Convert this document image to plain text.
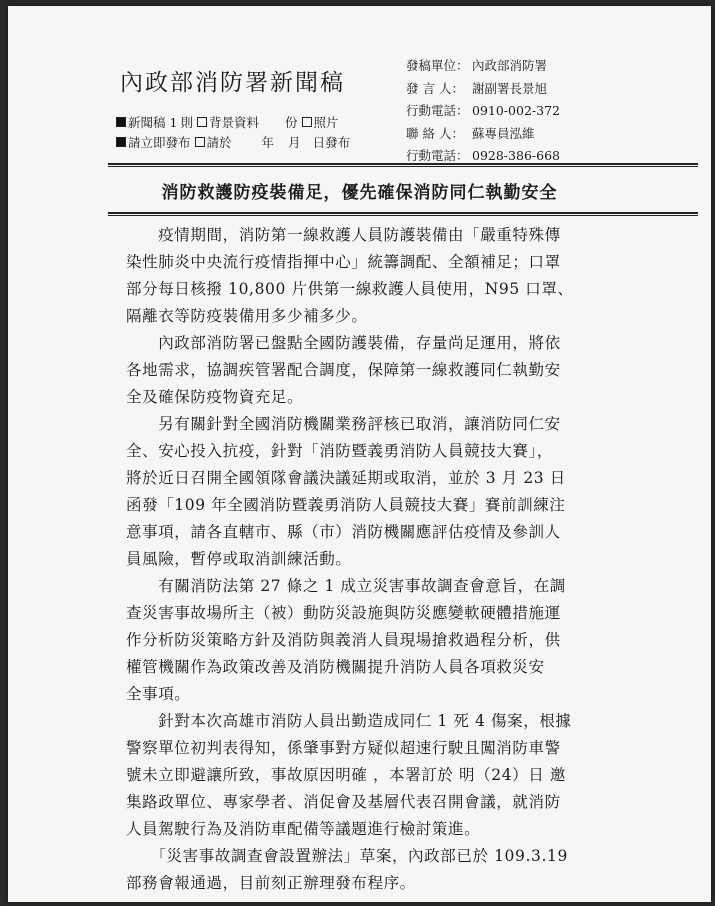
內政部消防署新聞稿
新聞稿 1 則 背景資料 份 照片
請立即發布 請於 年 月 日發布
發稿單位： 內政部消防署
發 言 人： 謝副署長景旭
行動電話： 0910-002-372
聯 絡 人： 蘇專員泓維
行動電話： 0928-386-668
消防救護防疫裝備足，優先確保消防同仁執勤安全
　　疫情期間，消防第一線救護人員防護裝備由「嚴重特殊傳
染性肺炎中央流行疫情指揮中心」統籌調配、全額補足；口罩
部分每日核撥 10,800 片供第一線救護人員使用，N95 口罩、
隔離衣等防疫裝備用多少補多少。
　　內政部消防署已盤點全國防護裝備，存量尚足運用，將依
各地需求，協調疾管署配合調度，保障第一線救護同仁執勤安
全及確保防疫物資充足。
　　另有關針對全國消防機關業務評核已取消，讓消防同仁安
全、安心投入抗疫，針對「消防暨義勇消防人員競技大賽」，
將於近日召開全國領隊會議決議延期或取消，並於 3 月 23 日
函發「109 年全國消防暨義勇消防人員競技大賽」賽前訓練注
意事項，請各直轄市、縣（市）消防機關應評估疫情及參訓人
員風險，暫停或取消訓練活動。
　　有關消防法第 27 條之 1 成立災害事故調查會意旨，在調
查災害事故場所主（被）動防災設施與防災應變軟硬體措施運
作分析防災策略方針及消防與義消人員現場搶救過程分析，供
權管機關作為政策改善及消防機關提升消防人員各項救災安
全事項。
　　針對本次高雄市消防人員出勤造成同仁 1 死 4 傷案，根據
警察單位初判表得知，係肇事對方疑似超速行駛且闖消防車警
號未立即避讓所致，事故原因明確 ，本署訂於 明（24）日 邀
集路政單位、專家學者、消促會及基層代表召開會議，就消防
人員駕駛行為及消防車配備等議題進行檢討策進。
　　「災害事故調查會設置辦法」草案，內政部已於 109.3.19
部務會報通過，目前刻正辦理發布程序。
